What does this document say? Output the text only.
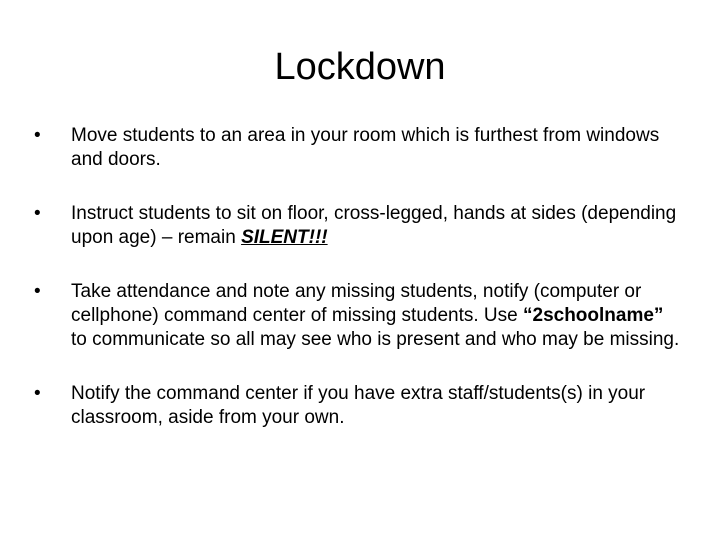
Lockdown
•	Move students to an area in your room which is furthest from windows and doors.
•	Instruct students to sit on floor, cross-legged, hands at sides (depending upon age) – remain SILENT!!!
•	Take attendance and note any missing students, notify (computer or cellphone) command center of missing students. Use “2schoolname” to communicate so all may see who is present and who may be missing.
•	Notify the command center if you have extra staff/students(s) in your classroom, aside from your own.
